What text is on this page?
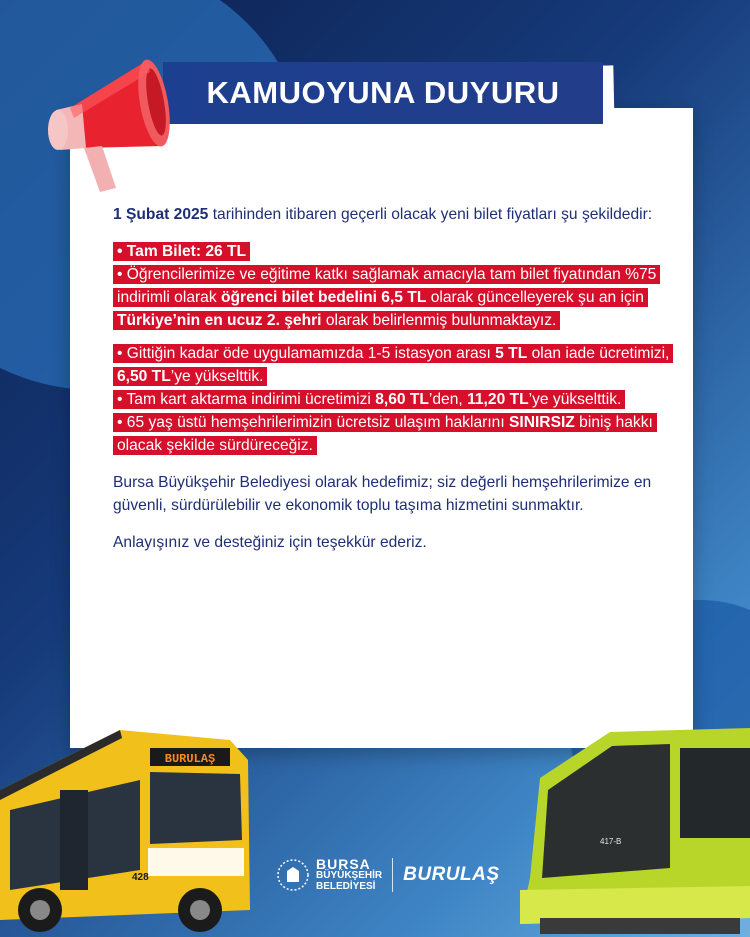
KAMUOYUNA DUYURU

1 Şubat 2025 tarihinden itibaren geçerli olacak yeni bilet fiyatları şu şekildedir:

• Tam Bilet: 26 TL

• Öğrencilerimize ve eğitime katkı sağlamak amacıyla tam bilet fiyatından %75 indirimli olarak öğrenci bilet bedelini 6,5 TL olarak güncelleyerek şu an için Türkiye’nin en ucuz 2. şehri olarak belirlenmiş bulunmaktayız.

• Gittiğin kadar öde uygulamamızda 1-5 istasyon arası 5 TL olan iade ücretimizi, 6,50 TL’ye yükselttik.

• Tam kart aktarma indirimi ücretimizi 8,60 TL’den, 11,20 TL’ye yükselttik.

• 65 yaş üstü hemşehrilerimizin ücretsiz ulaşım haklarını SINIRSIZ biniş hakkı olacak şekilde sürdüreceğiz.

Bursa Büyükşehir Belediyesi olarak hedefimiz; siz değerli hemşehrilerimize en güvenli, sürdürülebilir ve ekonomik toplu taşıma hizmetini sunmaktır.

Anlayışınız ve desteğiniz için teşekkür ederiz.

BURULAŞ
428
417-B
BURSA
BÜYÜKŞEHİR
BELEDİYESİ
BURULAŞ
